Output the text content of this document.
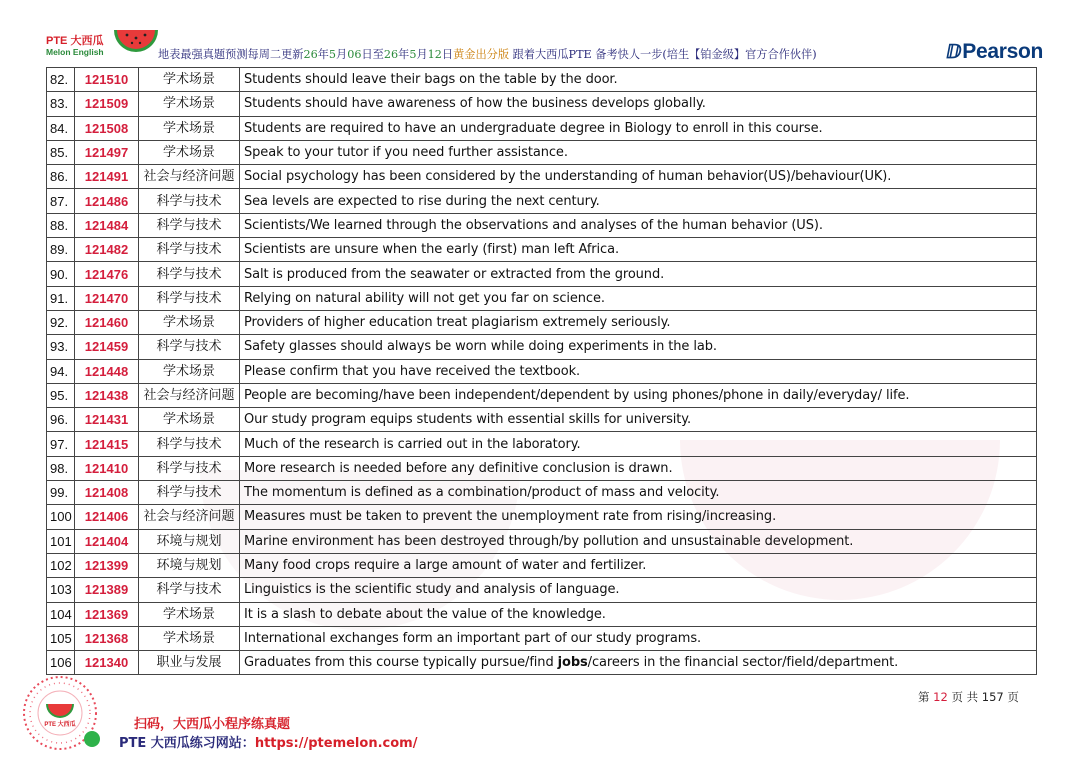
PTE 大西瓜
Melon English	地表最强真题预测每周二更新26年5月06日至26年5月12日黄金出分版 跟着大西瓜PTE 备考快人一步(培生【铂金级】官方合作伙伴)	ⅅPearson
82.	121510	学术场景	Students should leave their bags on the table by the door.
83.	121509	学术场景	Students should have awareness of how the business develops globally.
84.	121508	学术场景	Students are required to have an undergraduate degree in Biology to enroll in this course.
85.	121497	学术场景	Speak to your tutor if you need further assistance.
86.	121491	社会与经济问题	Social psychology has been considered by the understanding of human behavior(US)/behaviour(UK).
87.	121486	科学与技术	Sea levels are expected to rise during the next century.
88.	121484	科学与技术	Scientists/We learned through the observations and analyses of the human behavior (US).
89.	121482	科学与技术	Scientists are unsure when the early (first) man left Africa.
90.	121476	科学与技术	Salt is produced from the seawater or extracted from the ground.
91.	121470	科学与技术	Relying on natural ability will not get you far on science.
92.	121460	学术场景	Providers of higher education treat plagiarism extremely seriously.
93.	121459	科学与技术	Safety glasses should always be worn while doing experiments in the lab.
94.	121448	学术场景	Please confirm that you have received the textbook.
95.	121438	社会与经济问题	People are becoming/have been independent/dependent by using phones/phone in daily/everyday/ life.
96.	121431	学术场景	Our study program equips students with essential skills for university.
97.	121415	科学与技术	Much of the research is carried out in the laboratory.
98.	121410	科学与技术	More research is needed before any definitive conclusion is drawn.
99.	121408	科学与技术	The momentum is defined as a combination/product of mass and velocity.
100	121406	社会与经济问题	Measures must be taken to prevent the unemployment rate from rising/increasing.
101	121404	环境与规划	Marine environment has been destroyed through/by pollution and unsustainable development.
102	121399	环境与规划	Many food crops require a large amount of water and fertilizer.
103	121389	科学与技术	Linguistics is the scientific study and analysis of language.
104	121369	学术场景	It is a slash to debate about the value of the knowledge.
105	121368	学术场景	International exchanges form an important part of our study programs.
106	121340	职业与发展	Graduates from this course typically pursue/find jobs/careers in the financial sector/field/department.
第 12 页 共 157 页
PTE 大西瓜	扫码，大西瓜小程序练真题
PTE 大西瓜练习网站：https://ptemelon.com/
